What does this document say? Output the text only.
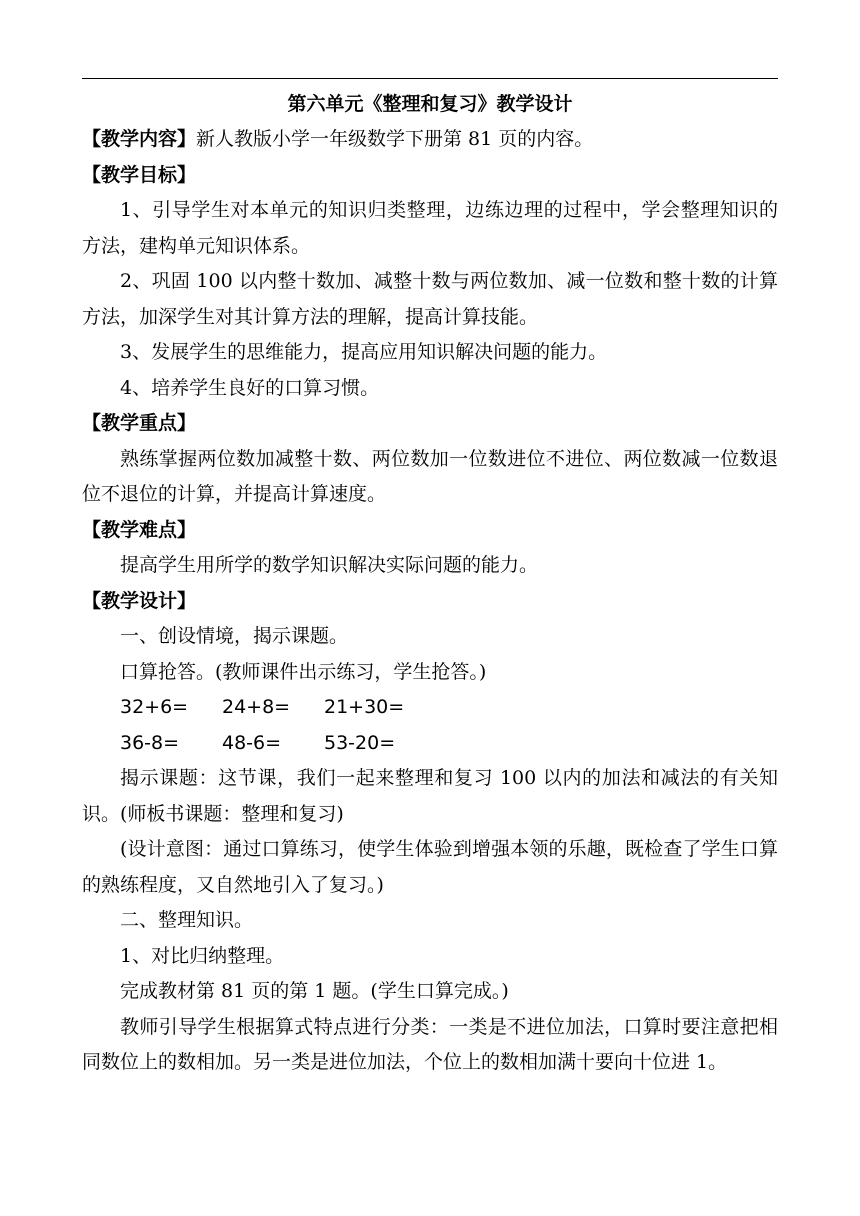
第六单元《整理和复习》教学设计

【教学内容】新人教版小学一年级数学下册第 81 页的内容。

【教学目标】

1、引导学生对本单元的知识归类整理，边练边理的过程中，学会整理知识的方法，建构单元知识体系。

2、巩固 100 以内整十数加、减整十数与两位数加、减一位数和整十数的计算方法，加深学生对其计算方法的理解，提高计算技能。

3、发展学生的思维能力，提高应用知识解决问题的能力。

4、培养学生良好的口算习惯。

【教学重点】

熟练掌握两位数加减整十数、两位数加一位数进位不进位、两位数减一位数退位不退位的计算，并提高计算速度。

【教学难点】

提高学生用所学的数学知识解决实际问题的能力。

【教学设计】

一、创设情境，揭示课题。

口算抢答。(教师课件出示练习，学生抢答。)

32+6=	24+8=	21+30=
36-8=	48-6=	53-20=

揭示课题：这节课，我们一起来整理和复习 100 以内的加法和减法的有关知识。(师板书课题：整理和复习)

(设计意图：通过口算练习，使学生体验到增强本领的乐趣，既检查了学生口算的熟练程度，又自然地引入了复习。)

二、整理知识。

1、对比归纳整理。

完成教材第 81 页的第 1 题。(学生口算完成。)

教师引导学生根据算式特点进行分类：一类是不进位加法，口算时要注意把相同数位上的数相加。另一类是进位加法，个位上的数相加满十要向十位进 1。
